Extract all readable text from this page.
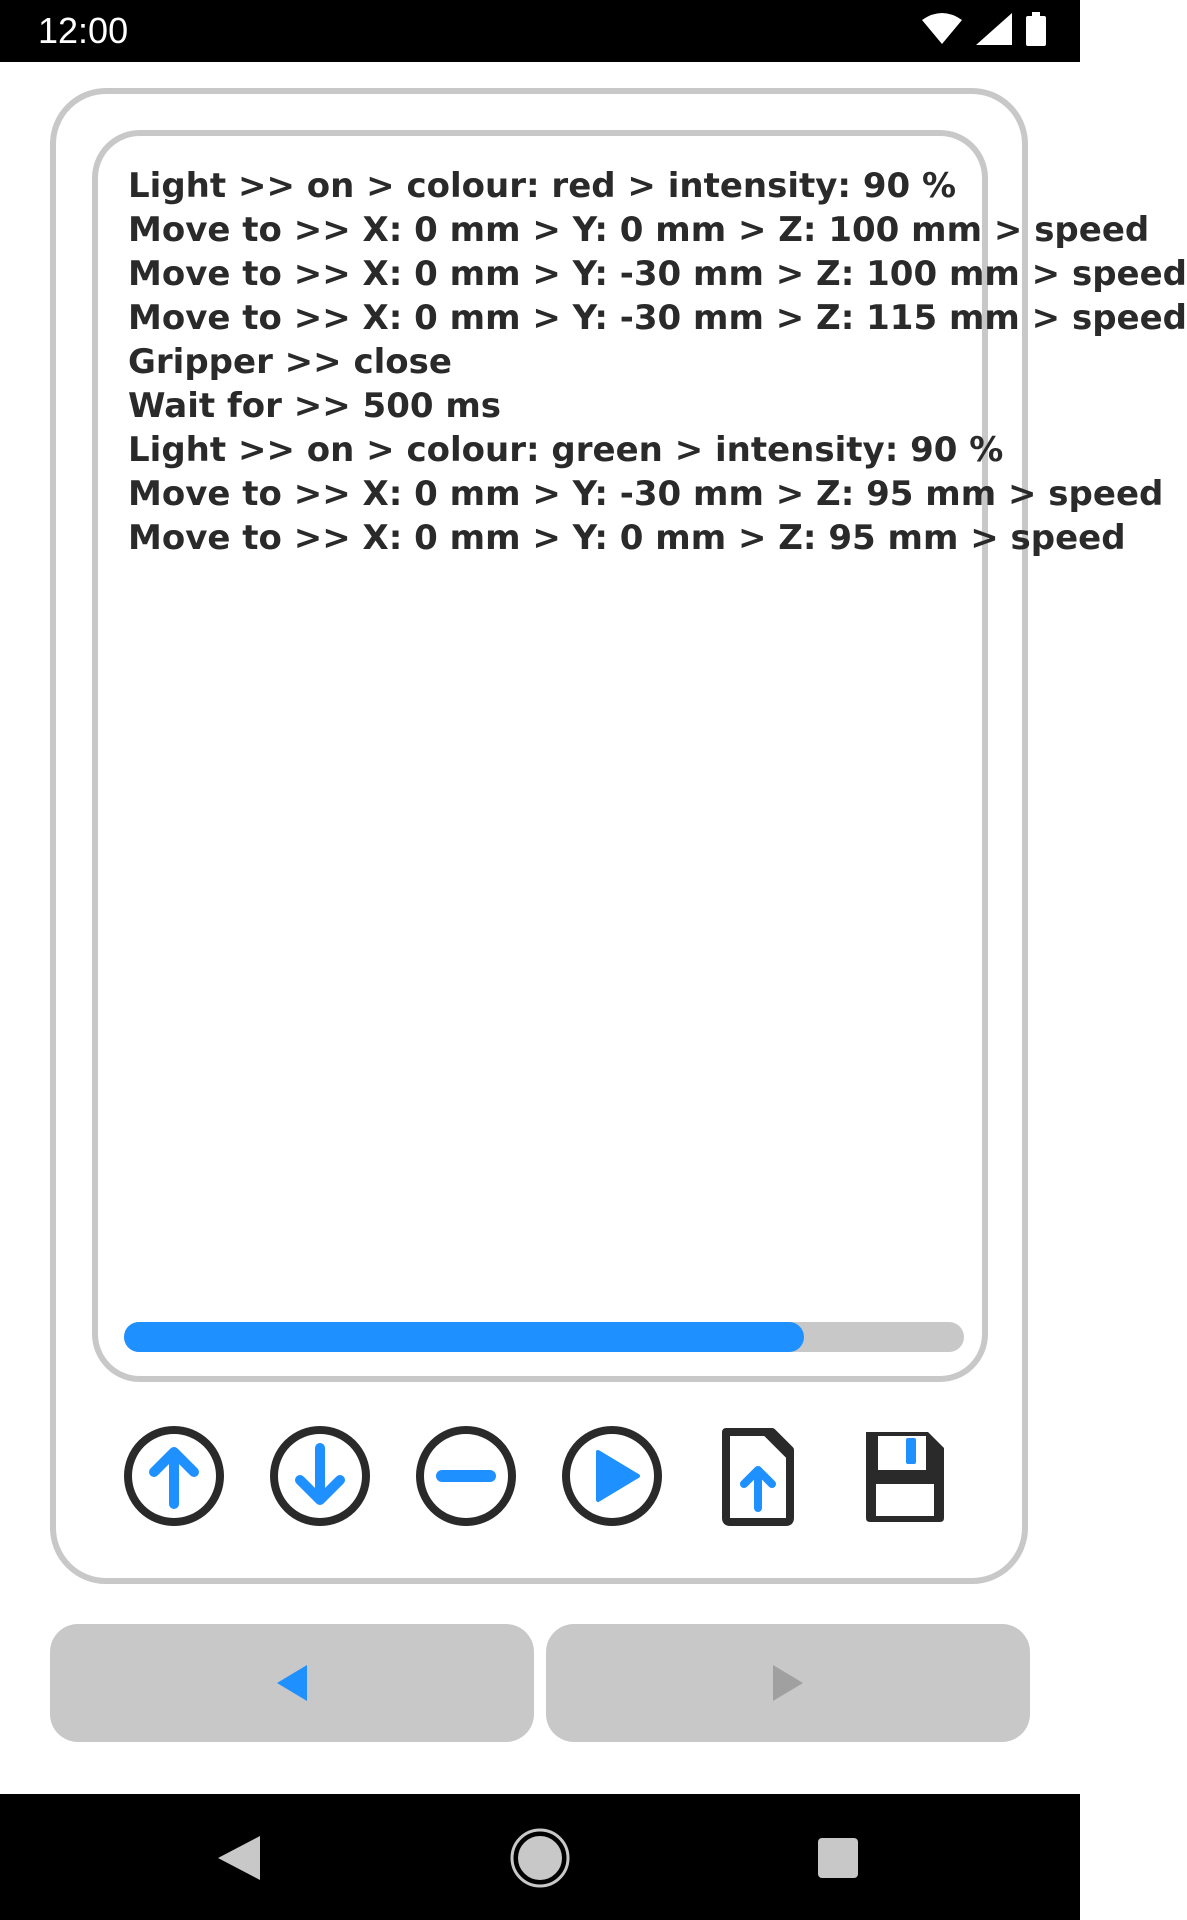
12:00
Light >> on > colour: red > intensity: 90 %
Move to >> X: 0 mm > Y: 0 mm > Z: 100 mm > speed
Move to >> X: 0 mm > Y: -30 mm > Z: 100 mm > speed
Move to >> X: 0 mm > Y: -30 mm > Z: 115 mm > speed
Gripper >> close
Wait for >> 500 ms
Light >> on > colour: green > intensity: 90 %
Move to >> X: 0 mm > Y: -30 mm > Z: 95 mm > speed
Move to >> X: 0 mm > Y: 0 mm > Z: 95 mm > speed
